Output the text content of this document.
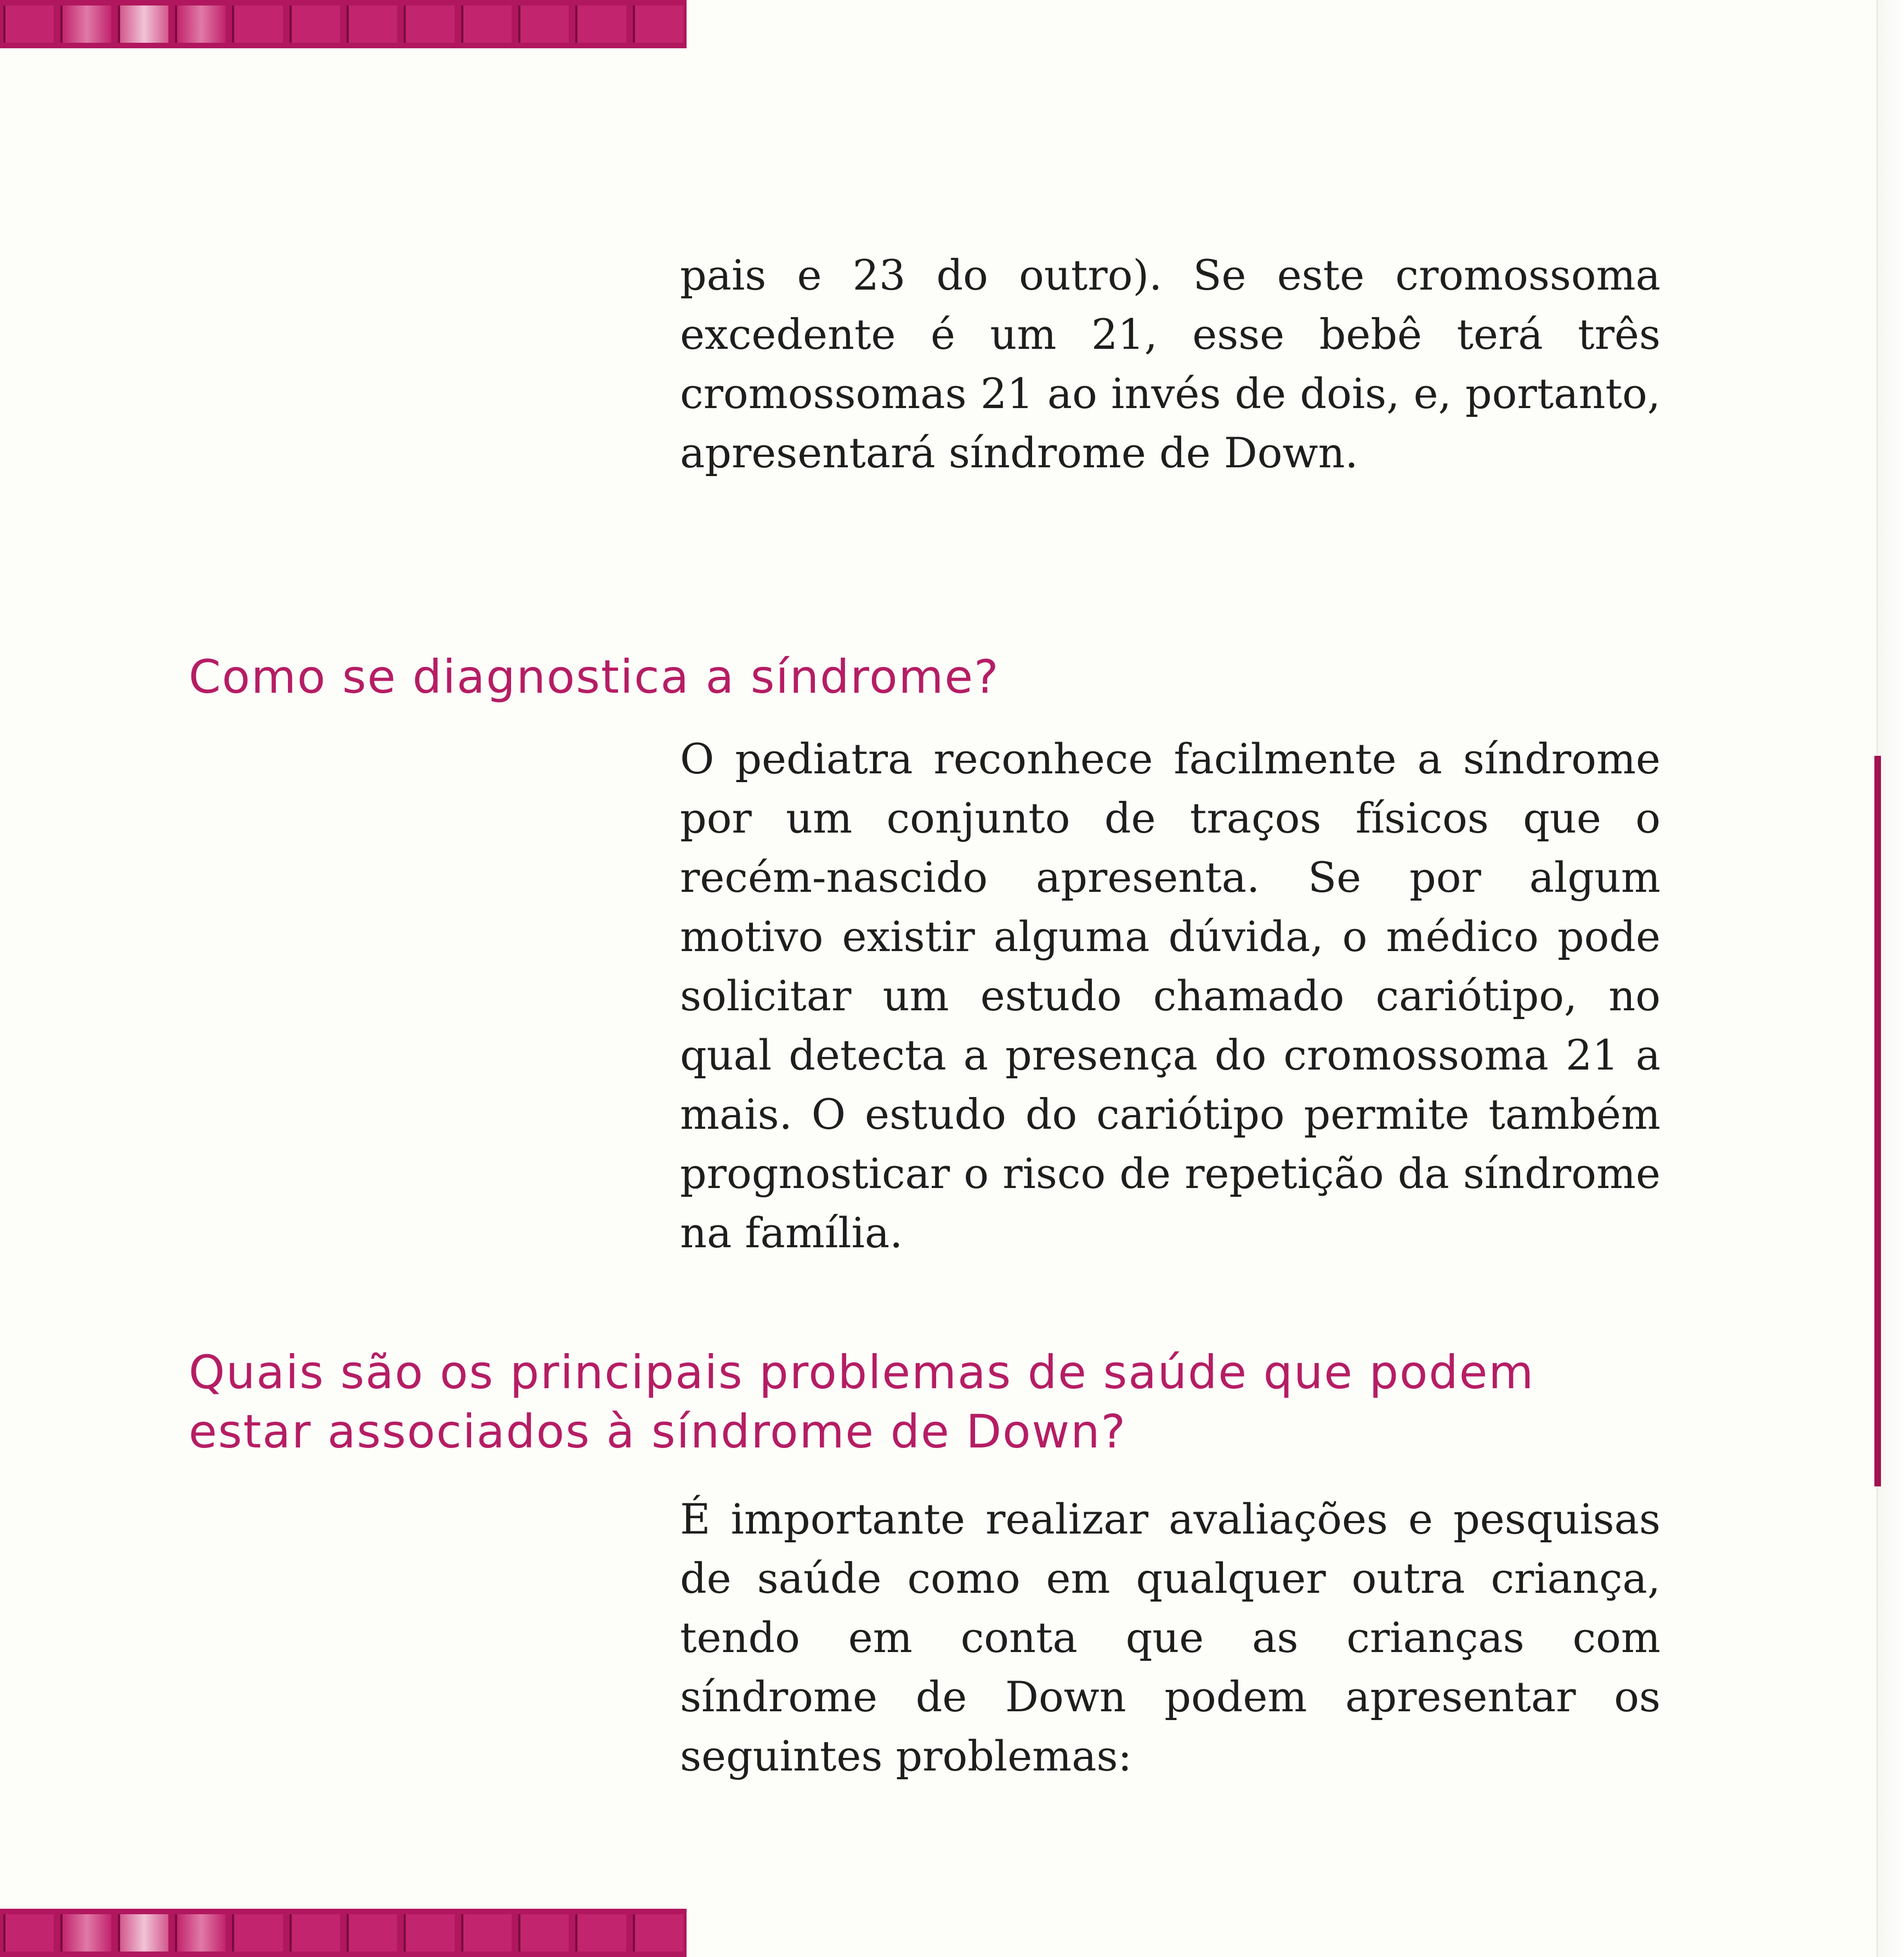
pais e 23 do outro). Se este cromossoma excedente é um 21, esse bebê terá três cromossomas 21 ao invés de dois, e, portanto, apresentará síndrome de Down.

Como se diagnostica a síndrome?

O pediatra reconhece facilmente a síndrome por um conjunto de traços físicos que o recém-nascido apresenta. Se por algum motivo existir alguma dúvida, o médico pode solicitar um estudo chamado cariótipo, no qual detecta a presença do cromossoma 21 a mais. O estudo do cariótipo permite também prognosticar o risco de repetição da síndrome na família.

Quais são os principais problemas de saúde que podem
estar associados à síndrome de Down?

É importante realizar avaliações e pesquisas de saúde como em qualquer outra criança, tendo em conta que as crianças com síndrome de Down podem apresentar os seguintes problemas:
